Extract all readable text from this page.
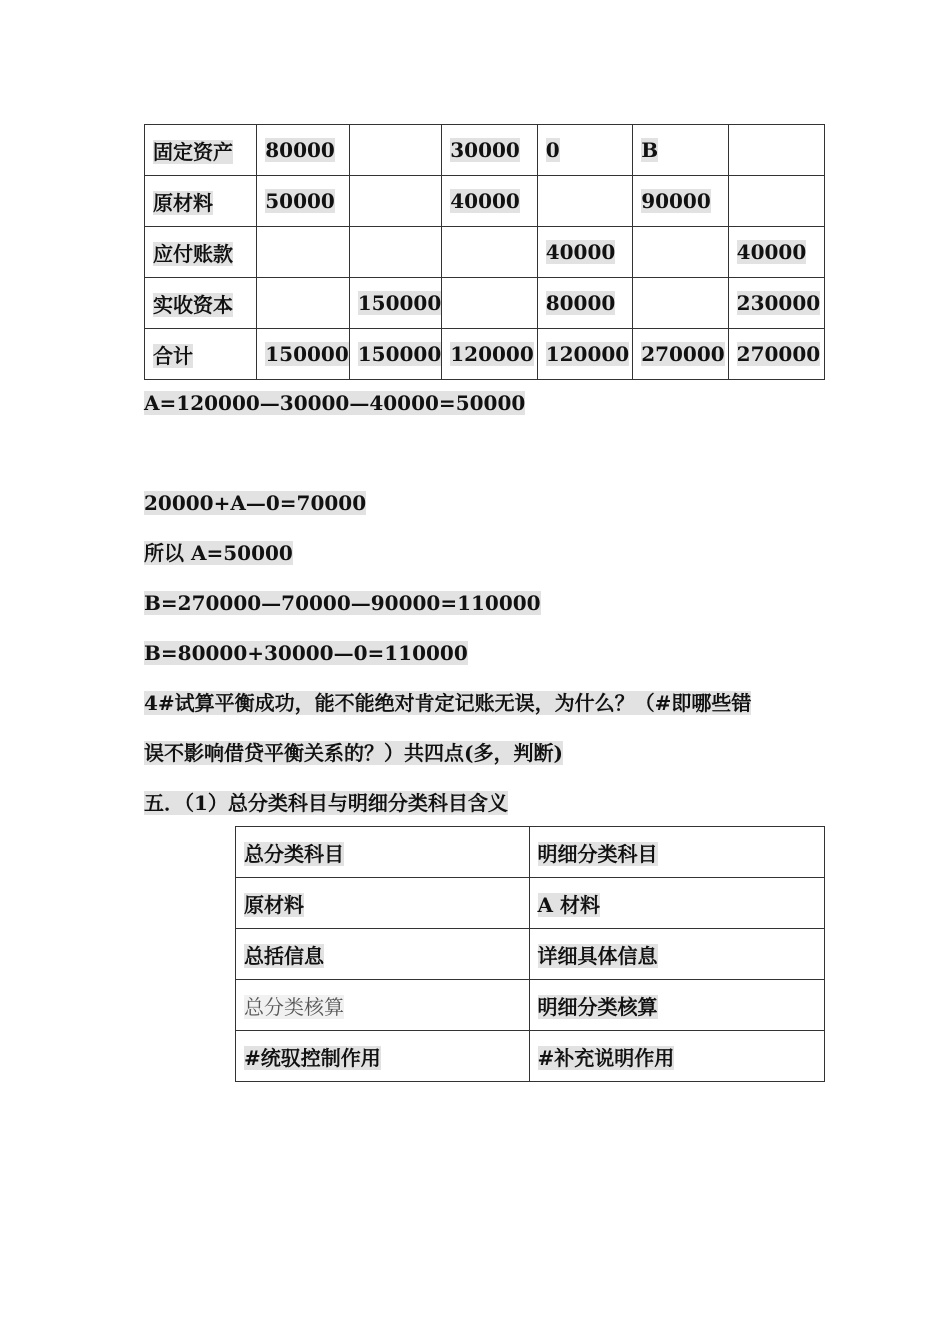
固定资产	80000		30000	0	B	
原材料	50000		40000		90000	
应付账款				40000		40000
实收资本		150000		80000		230000
合计	150000	150000	120000	120000	270000	270000
A=120000—30000—40000=50000
20000+A—0=70000
所以 A=50000
B=270000—70000—90000=110000
B=80000+30000—0=110000
4#试算平衡成功，能不能绝对肯定记账无误，为什么？（#即哪些错
误不影响借贷平衡关系的？）共四点(多，判断)
五．（1）总分类科目与明细分类科目含义
总分类科目	明细分类科目
原材料	A 材料
总括信息	详细具体信息
总分类核算	明细分类核算
#统驭控制作用	#补充说明作用
